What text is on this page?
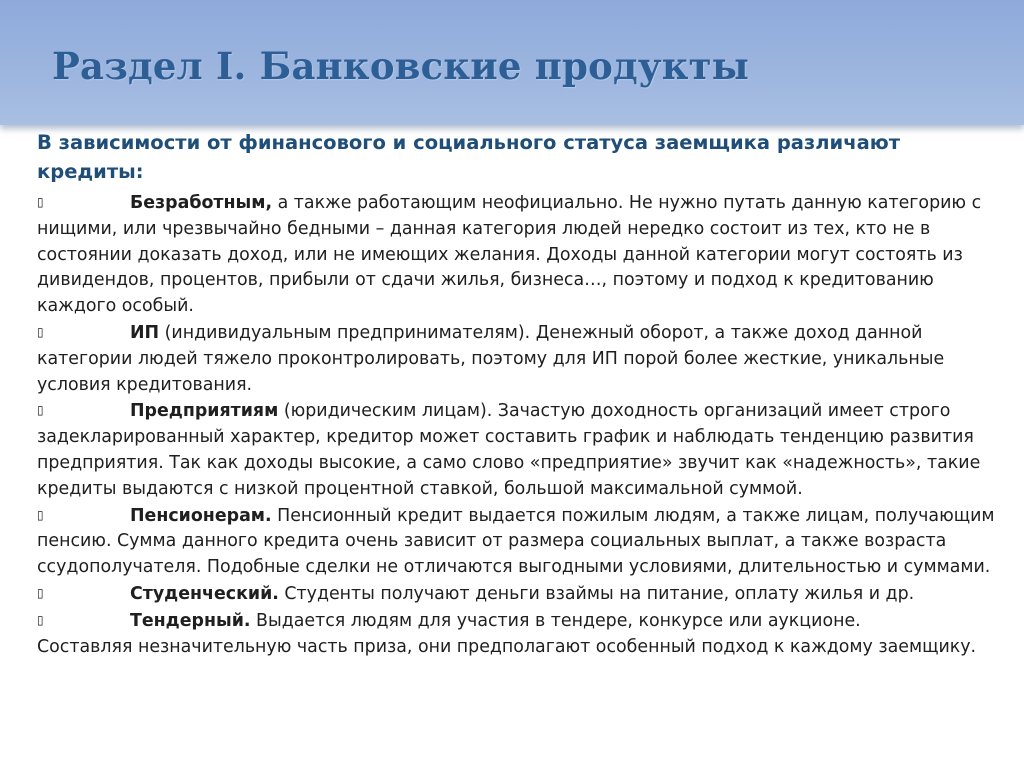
Раздел I. Банковские продукты

В зависимости от финансового и социального статуса заемщика различают кредиты:

▯	Безработным, а также работающим неофициально. Не нужно путать данную категорию с нищими, или чрезвычайно бедными – данная категория людей нередко состоит из тех, кто не в состоянии доказать доход, или не имеющих желания. Доходы данной категории могут состоять из дивидендов, процентов, прибыли от сдачи жилья, бизнеса…, поэтому и подход к кредитованию каждого особый.

▯	ИП (индивидуальным предпринимателям). Денежный оборот, а также доход данной категории людей тяжело проконтролировать, поэтому для ИП порой более жесткие, уникальные условия кредитования.

▯	Предприятиям (юридическим лицам). Зачастую доходность организаций имеет строго задекларированный характер, кредитор может составить график и наблюдать тенденцию развития предприятия. Так как доходы высокие, а само слово «предприятие» звучит как «надежность», такие кредиты выдаются с низкой процентной ставкой, большой максимальной суммой.

▯	Пенсионерам. Пенсионный кредит выдается пожилым людям, а также лицам, получающим пенсию. Сумма данного кредита очень зависит от размера социальных выплат, а также возраста ссудополучателя. Подобные сделки не отличаются выгодными условиями, длительностью и суммами.

▯	Студенческий. Студенты получают деньги взаймы на питание, оплату жилья и др.

▯	Тендерный. Выдается людям для участия в тендере, конкурсе или аукционе.

Составляя незначительную часть приза, они предполагают особенный подход к каждому заемщику.
